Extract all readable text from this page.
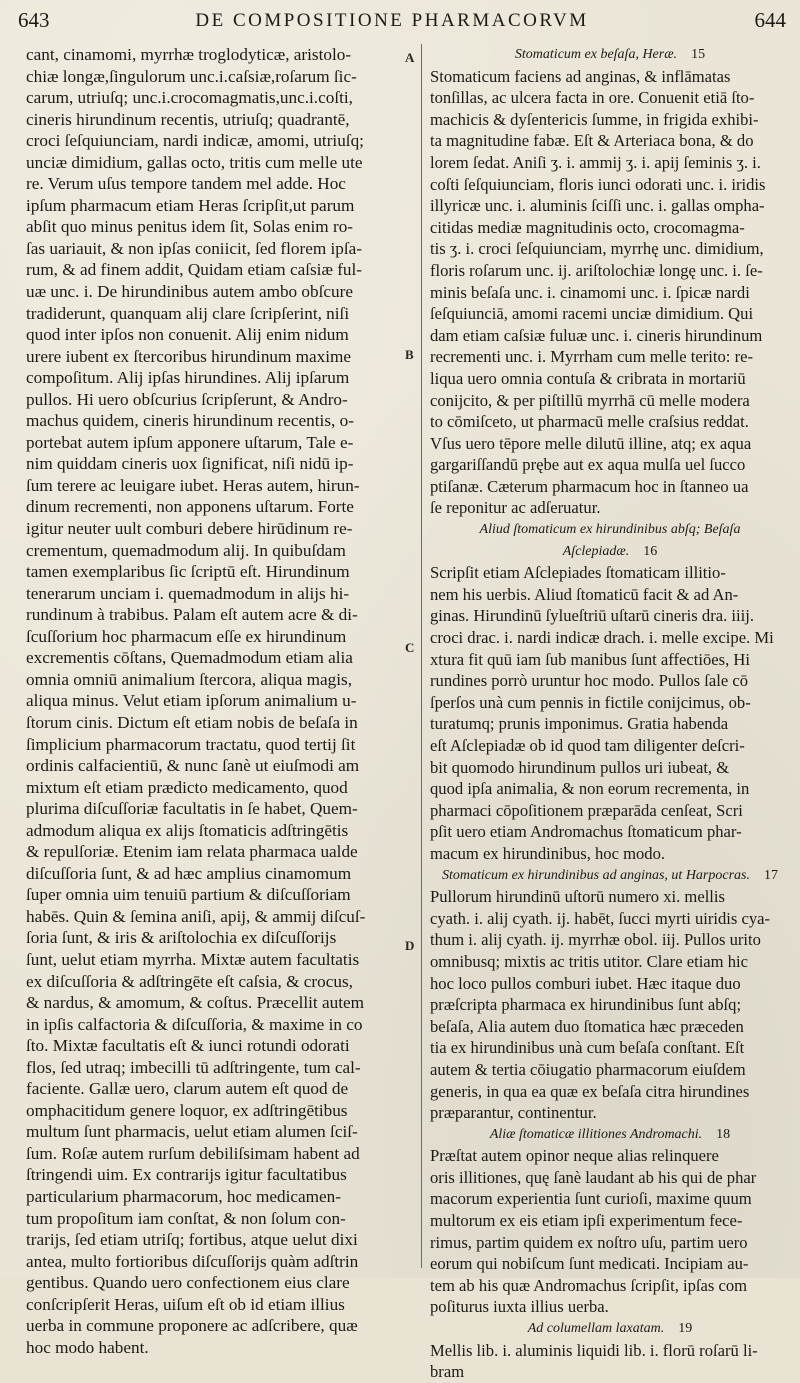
643	DE COMPOSITIONE PHARMACORVM	644
cant, cinamomi, myrrhæ troglodyticæ, aristolo-
chiæ longæ,ſingulorum unc.i.caſsiæ,roſarum ſic-
carum, utriuſq; unc.i.crocomagmatis,unc.i.coſti,
cineris hirundinum recentis, utriuſq; quadrantē,
croci ſeſquiunciam, nardi indicæ, amomi, utriuſq;
unciæ dimidium, gallas octo, tritis cum melle ute
re. Verum uſus tempore tandem mel adde. Hoc
ipſum pharmacum etiam Heras ſcripſit,ut parum
abſit quo minus penitus idem ſit, Solas enim ro-
ſas uariauit, & non ipſas coniicit, ſed florem ipſa-
rum, & ad finem addit, Quidam etiam caſsiæ ful-
uæ unc. i. De hirundinibus autem ambo obſcure
tradiderunt, quanquam alij clare ſcripſerint, niſi
quod inter ipſos non conuenit. Alij enim nidum
urere iubent ex ſtercoribus hirundinum maxime
compoſitum. Alij ipſas hirundines. Alij ipſarum
pullos. Hi uero obſcurius ſcripſerunt, & Andro-
machus quidem, cineris hirundinum recentis, o-
portebat autem ipſum apponere uſtarum, Tale e-
nim quiddam cineris uox ſignificat, niſi nidū ip-
ſum terere ac leuigare iubet. Heras autem, hirun-
dinum recrementi, non apponens uſtarum. Forte
igitur neuter uult comburi debere hirūdinum re-
crementum, quemadmodum alij. In quibuſdam
tamen exemplaribus ſic ſcriptū eſt. Hirundinum
tenerarum unciam i. quemadmodum in alijs hi-
rundinum à trabibus. Palam eſt autem acre & di-
ſcuſſorium hoc pharmacum eſſe ex hirundinum
excrementis cōſtans, Quemadmodum etiam alia
omnia omniū animalium ſtercora, aliqua magis,
aliqua minus. Velut etiam ipſorum animalium u-
ſtorum cinis. Dictum eſt etiam nobis de beſaſa in
ſimplicium pharmacorum tractatu, quod tertij ſit
ordinis calfacientiū, & nunc ſanè ut eiuſmodi am
mixtum eſt etiam prædicto medicamento, quod
plurima diſcuſſoriæ facultatis in ſe habet, Quem-
admodum aliqua ex alijs ſtomaticis adſtringētis
& repulſoriæ. Etenim iam relata pharmaca ualde
diſcuſſoria ſunt, & ad hæc amplius cinamomum
ſuper omnia uim tenuiū partium & diſcuſſoriam
habēs. Quin & ſemina aniſi, apij, & ammij diſcuſ-
ſoria ſunt, & iris & ariſtolochia ex diſcuſſorijs
ſunt, uelut etiam myrrha. Mixtæ autem facultatis
ex diſcuſſoria & adſtringēte eſt caſsia, & crocus,
& nardus, & amomum, & coſtus. Præcellit autem
in ipſis calfactoria & diſcuſſoria, & maxime in co
ſto. Mixtæ facultatis eſt & iunci rotundi odorati
flos, ſed utraq; imbecilli tū adſtringente, tum cal-
faciente. Gallæ uero, clarum autem eſt quod de
omphacitidum genere loquor, ex adſtringētibus
multum ſunt pharmacis, uelut etiam alumen ſciſ-
ſum. Roſæ autem rurſum debiliſsimam habent ad
ſtringendi uim. Ex contrarijs igitur facultatibus
particularium pharmacorum, hoc medicamen-
tum propoſitum iam conſtat, & non ſolum con-
trarijs, ſed etiam utriſq; fortibus, atque uelut dixi
antea, multo fortioribus diſcuſſorijs quàm adſtrin
gentibus. Quando uero confectionem eius clare
conſcripſerit Heras, uiſum eſt ob id etiam illius
uerba in commune proponere ac adſcribere, quæ
hoc modo habent.
A
B
C
D
Stomaticum ex beſaſa, Heræ. 15
Stomaticum faciens ad anginas, & inflāmatas
tonſillas, ac ulcera facta in ore. Conuenit etiā ſto-
machicis & dyſentericis ſumme, in frigida exhibi-
ta magnitudine fabæ. Eſt & Arteriaca bona, & do
lorem ſedat. Aniſi ʒ. i. ammij ʒ. i. apij ſeminis ʒ. i.
coſti ſeſquiunciam, floris iunci odorati unc. i. iridis
illyricæ unc. i. aluminis ſciſſi unc. i. gallas ompha-
citidas mediæ magnitudinis octo, crocomagma-
tis ʒ. i. croci ſeſquiunciam, myrrhę unc. dimidium,
floris roſarum unc. ij. ariſtolochiæ longę unc. i. ſe-
minis beſaſa unc. i. cinamomi unc. i. ſpicæ nardi
ſeſquiunciā, amomi racemi unciæ dimidium. Qui
dam etiam caſsiæ fuluæ unc. i. cineris hirundinum
recrementi unc. i. Myrrham cum melle terito: re-
liqua uero omnia contuſa & cribrata in mortariū
conijcito, & per piſtillū myrrhā cū melle modera
to cōmiſceto, ut pharmacū melle craſsius reddat.
Vſus uero tēpore melle dilutū illine, atq; ex aqua
gargariſſandū prębe aut ex aqua mulſa uel ſucco
ptiſanæ. Cæterum pharmacum hoc in ſtanneo ua
ſe reponitur ac adſeruatur.
Aliud ſtomaticum ex hirundinibus abſq; Beſaſa
Aſclepiadæ. 16
Scripſit etiam Aſclepiades ſtomaticam illitio-
nem his uerbis. Aliud ſtomaticū facit & ad An-
ginas. Hirundinū ſylueſtriū uſtarū cineris dra. iiij.
croci drac. i. nardi indicæ drach. i. melle excipe. Mi
xtura fit quū iam ſub manibus ſunt affectiōes, Hi
rundines porrò uruntur hoc modo. Pullos ſale cō
ſperſos unà cum pennis in fictile conijcimus, ob-
turatumq; prunis imponimus. Gratia habenda
eſt Aſclepiadæ ob id quod tam diligenter deſcri-
bit quomodo hirundinum pullos uri iubeat, &
quod ipſa animalia, & non eorum recrementa, in
pharmaci cōpoſitionem præparāda cenſeat, Scri
pſit uero etiam Andromachus ſtomaticum phar-
macum ex hirundinibus, hoc modo.
Stomaticum ex hirundinibus ad anginas, ut Harpocras. 17
Pullorum hirundinū uſtorū numero xi. mellis
cyath. i. alij cyath. ij. habēt, ſucci myrti uiridis cya-
thum i. alij cyath. ij. myrrhæ obol. iij. Pullos urito
omnibusq; mixtis ac tritis utitor. Clare etiam hic
hoc loco pullos comburi iubet. Hæc itaque duo
præſcripta pharmaca ex hirundinibus ſunt abſq;
beſaſa, Alia autem duo ſtomatica hæc præceden
tia ex hirundinibus unà cum beſaſa conſtant. Eſt
autem & tertia cōiugatio pharmacorum eiuſdem
generis, in qua ea quæ ex beſaſa citra hirundines
præparantur, continentur.
Aliæ ſtomaticæ illitiones Andromachi. 18
Præſtat autem opinor neque alias relinquere
oris illitiones, quę ſanè laudant ab his qui de phar
macorum experientia ſunt curioſi, maxime quum
multorum ex eis etiam ipſi experimentum fece-
rimus, partim quidem ex noſtro uſu, partim uero
eorum qui nobiſcum ſunt medicati. Incipiam au-
tem ab his quæ Andromachus ſcripſit, ipſas com
poſiturus iuxta illius uerba.
Ad columellam laxatam. 19
Mellis lib. i. aluminis liquidi lib. i. florū roſarū li-
bram
